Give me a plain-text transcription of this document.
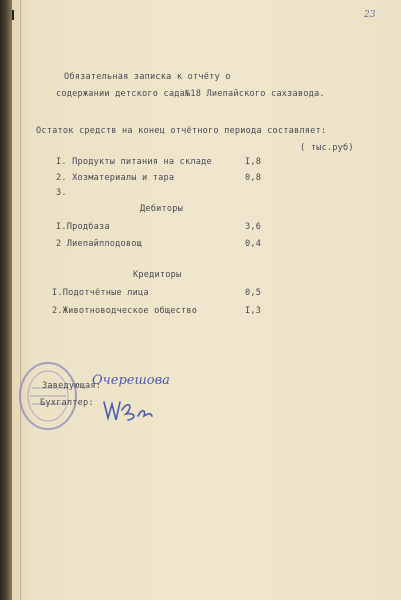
23
Обязательная записка к отчёту о
содержании детского сада№18 Лиепайского сахзавода.
Остаток средств на конец отчётного периода составляет:
( тыс.руб)
I. Продукты питания на складе	I,8
2. Хозматериалы и тара	0,8
3.
Дебиторы
I.Продбаза	3,6
2 Лиепайплодовощ	0,4
Кредиторы
I.Подотчётные лица	0,5
2.Животноводческое общество	I,3
Заведующая:
Очерешова
Бухгалтер:
